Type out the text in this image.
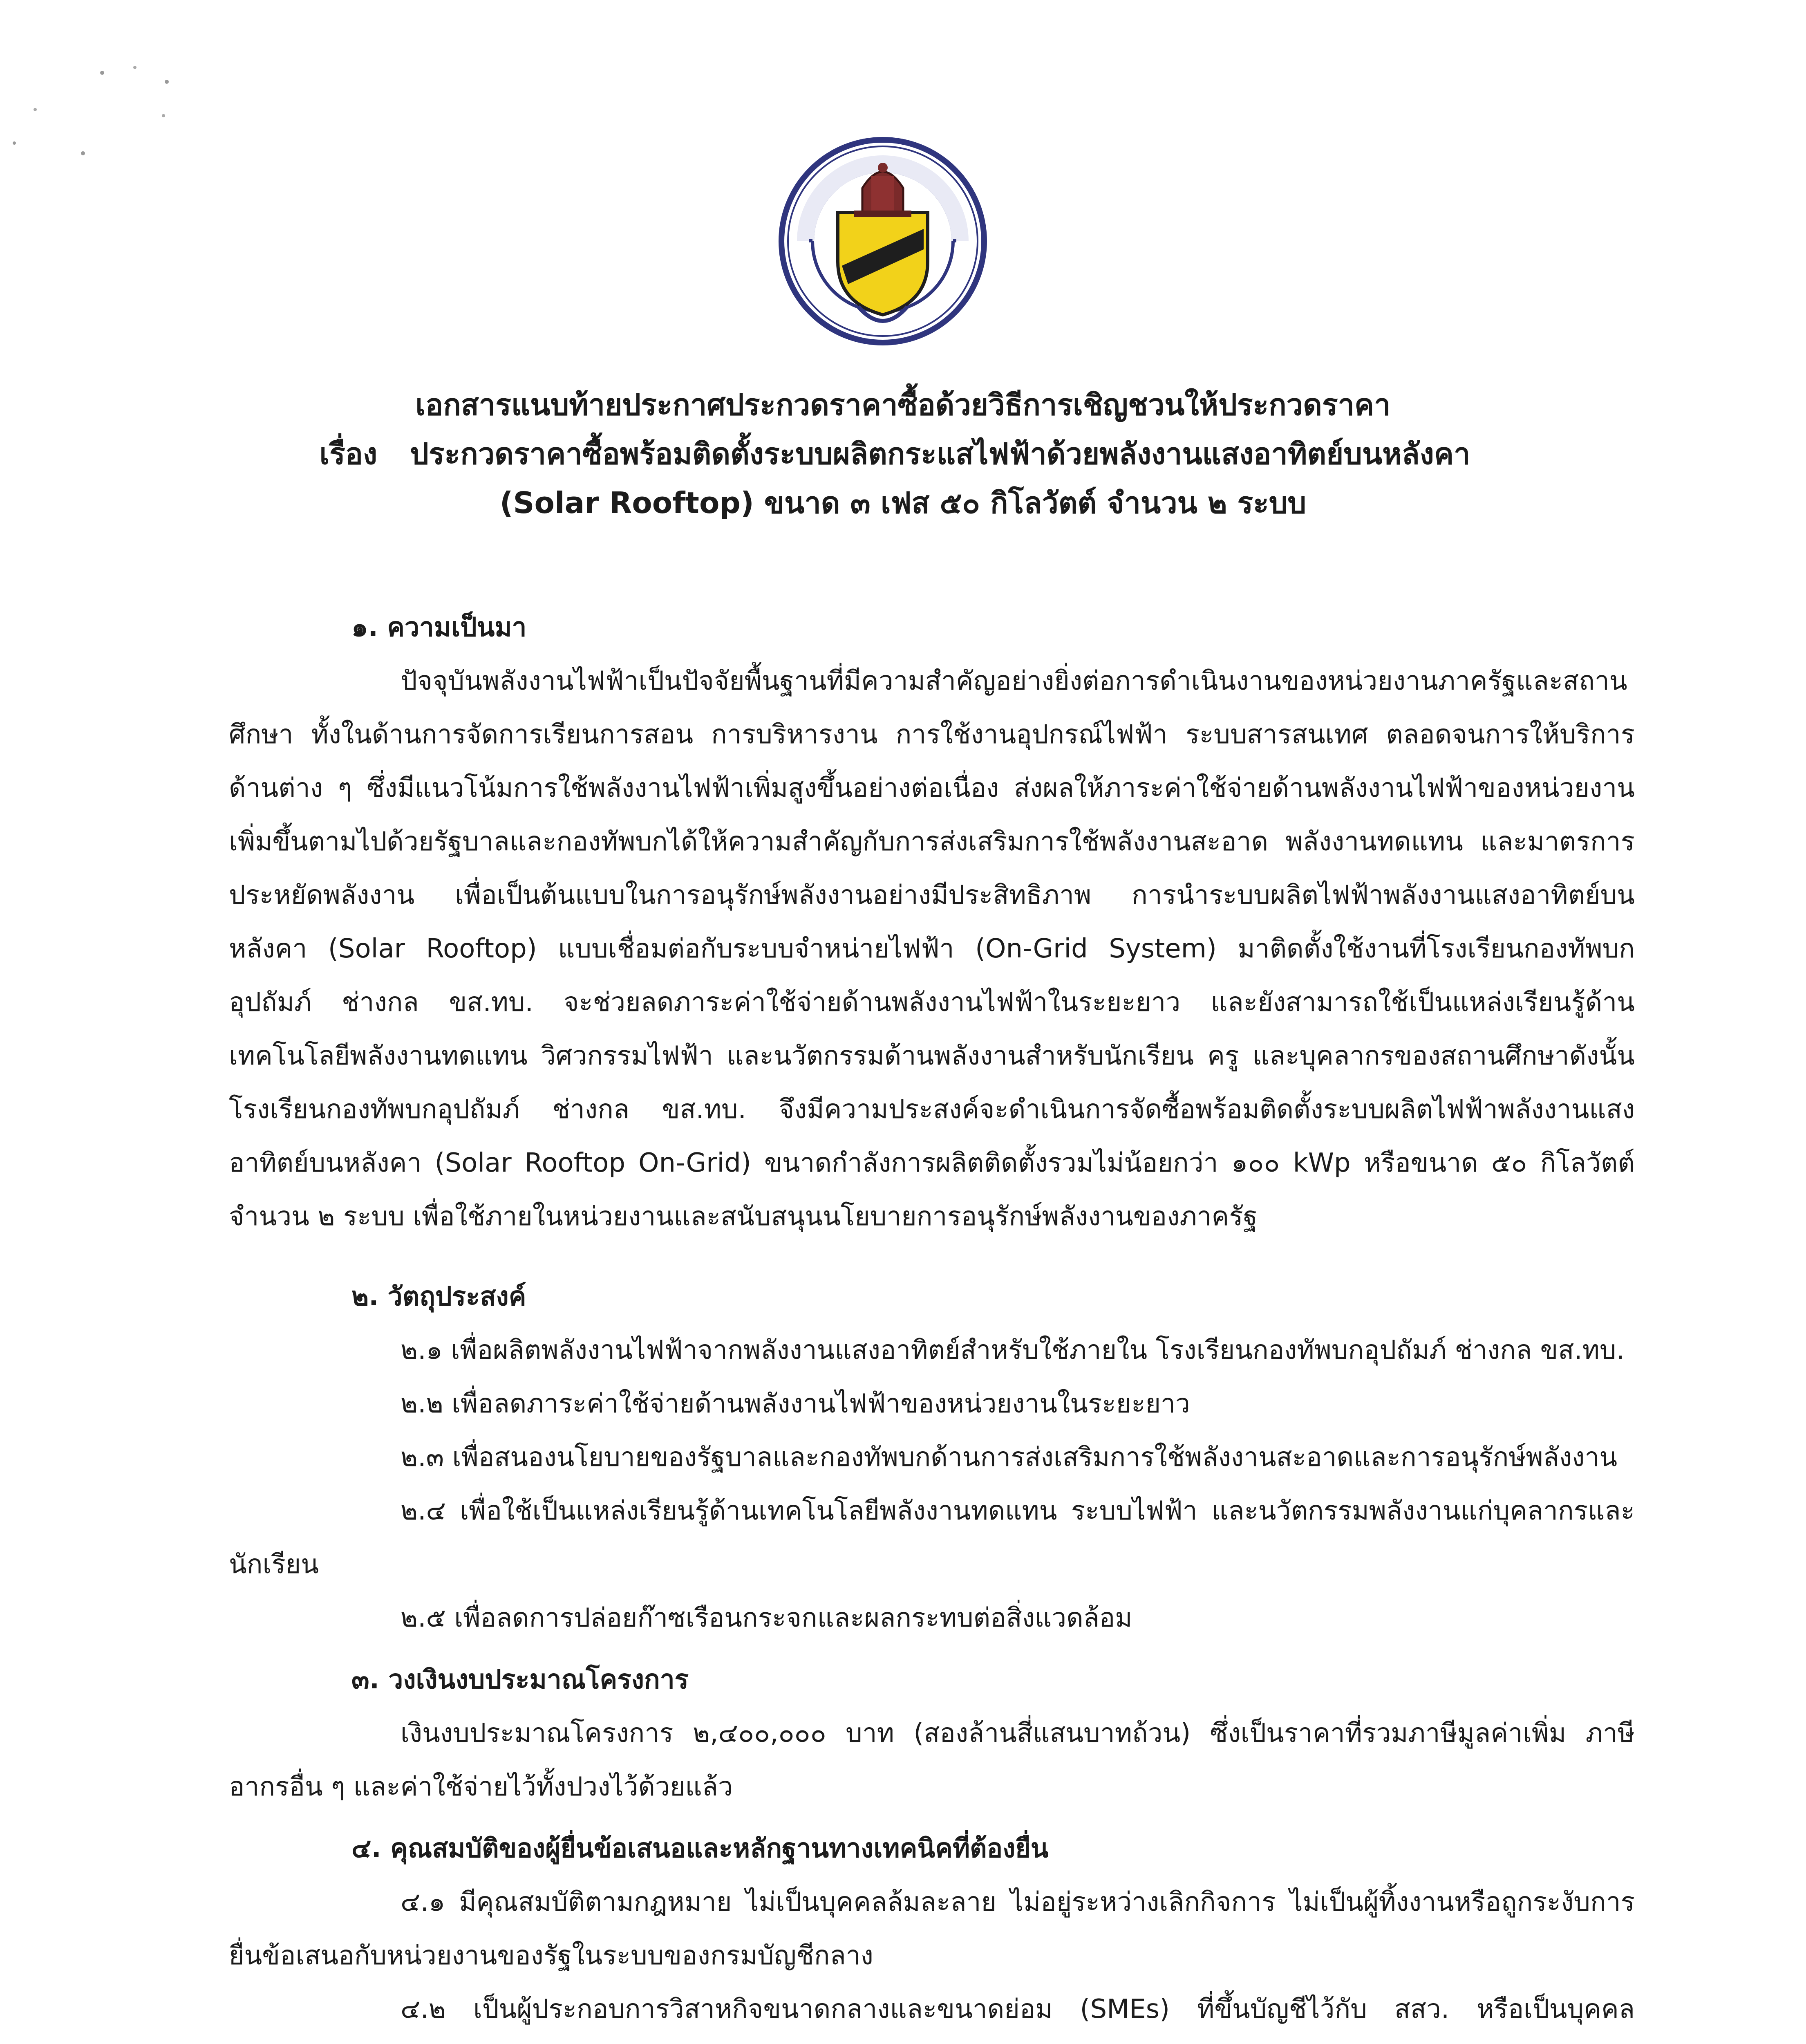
เอกสารแนบท้ายประกาศประกวดราคาซื้อด้วยวิธีการเชิญชวนให้ประกวดราคา
เรื่อง ประกวดราคาซื้อพร้อมติดตั้งระบบผลิตกระแสไฟฟ้าด้วยพลังงานแสงอาทิตย์บนหลังคา
(Solar Rooftop) ขนาด ๓ เฟส ๕๐ กิโลวัตต์ จำนวน ๒ ระบบ
๑. ความเป็นมา

ปัจจุบันพลังงานไฟฟ้าเป็นปัจจัยพื้นฐานที่มีความสำคัญอย่างยิ่งต่อการดำเนินงานของหน่วยงานภาครัฐและสถานศึกษา ทั้งในด้านการจัดการเรียนการสอน การบริหารงาน การใช้งานอุปกรณ์ไฟฟ้า ระบบสารสนเทศ ตลอดจนการให้บริการด้านต่าง ๆ ซึ่งมีแนวโน้มการใช้พลังงานไฟฟ้าเพิ่มสูงขึ้นอย่างต่อเนื่อง ส่งผลให้ภาระค่าใช้จ่ายด้านพลังงานไฟฟ้าของหน่วยงานเพิ่มขึ้นตามไปด้วยรัฐบาลและกองทัพบกได้ให้ความสำคัญกับการส่งเสริมการใช้พลังงานสะอาด พลังงานทดแทน และมาตรการประหยัดพลังงาน เพื่อเป็นต้นแบบในการอนุรักษ์พลังงานอย่างมีประสิทธิภาพ การนำระบบผลิตไฟฟ้าพลังงานแสงอาทิตย์บนหลังคา (Solar Rooftop) แบบเชื่อมต่อกับระบบจำหน่ายไฟฟ้า (On-Grid System) มาติดตั้งใช้งานที่โรงเรียนกองทัพบกอุปถัมภ์ ช่างกล ขส.ทบ. จะช่วยลดภาระค่าใช้จ่ายด้านพลังงานไฟฟ้าในระยะยาว และยังสามารถใช้เป็นแหล่งเรียนรู้ด้านเทคโนโลยีพลังงานทดแทน วิศวกรรมไฟฟ้า และนวัตกรรมด้านพลังงานสำหรับนักเรียน ครู และบุคลากรของสถานศึกษาดังนั้น โรงเรียนกองทัพบกอุปถัมภ์ ช่างกล ขส.ทบ. จึงมีความประสงค์จะดำเนินการจัดซื้อพร้อมติดตั้งระบบผลิตไฟฟ้าพลังงานแสงอาทิตย์บนหลังคา (Solar Rooftop On-Grid) ขนาดกำลังการผลิตติดตั้งรวมไม่น้อยกว่า ๑๐๐ kWp หรือขนาด ๕๐ กิโลวัตต์ จำนวน ๒ ระบบ เพื่อใช้ภายในหน่วยงานและสนับสนุนนโยบายการอนุรักษ์พลังงานของภาครัฐ

๒. วัตถุประสงค์

๒.๑ เพื่อผลิตพลังงานไฟฟ้าจากพลังงานแสงอาทิตย์สำหรับใช้ภายใน โรงเรียนกองทัพบกอุปถัมภ์ ช่างกล ขส.ทบ.

๒.๒ เพื่อลดภาระค่าใช้จ่ายด้านพลังงานไฟฟ้าของหน่วยงานในระยะยาว

๒.๓ เพื่อสนองนโยบายของรัฐบาลและกองทัพบกด้านการส่งเสริมการใช้พลังงานสะอาดและการอนุรักษ์พลังงาน

๒.๔ เพื่อใช้เป็นแหล่งเรียนรู้ด้านเทคโนโลยีพลังงานทดแทน ระบบไฟฟ้า และนวัตกรรมพลังงานแก่บุคลากรและนักเรียน

๒.๕ เพื่อลดการปล่อยก๊าซเรือนกระจกและผลกระทบต่อสิ่งแวดล้อม

๓. วงเงินงบประมาณโครงการ

เงินงบประมาณโครงการ ๒,๔๐๐,๐๐๐ บาท (สองล้านสี่แสนบาทถ้วน) ซึ่งเป็นราคาที่รวมภาษีมูลค่าเพิ่ม ภาษีอากรอื่น ๆ และค่าใช้จ่ายไว้ทั้งปวงไว้ด้วยแล้ว

๔. คุณสมบัติของผู้ยื่นข้อเสนอและหลักฐานทางเทคนิคที่ต้องยื่น

๔.๑ มีคุณสมบัติตามกฎหมาย ไม่เป็นบุคคลล้มละลาย ไม่อยู่ระหว่างเลิกกิจการ ไม่เป็นผู้ทิ้งงานหรือถูกระงับการยื่นข้อเสนอกับหน่วยงานของรัฐในระบบของกรมบัญชีกลาง

๔.๒ เป็นผู้ประกอบการวิสาหกิจขนาดกลางและขนาดย่อม (SMEs) ที่ขึ้นบัญชีไว้กับ สสว. หรือเป็นบุคคล
